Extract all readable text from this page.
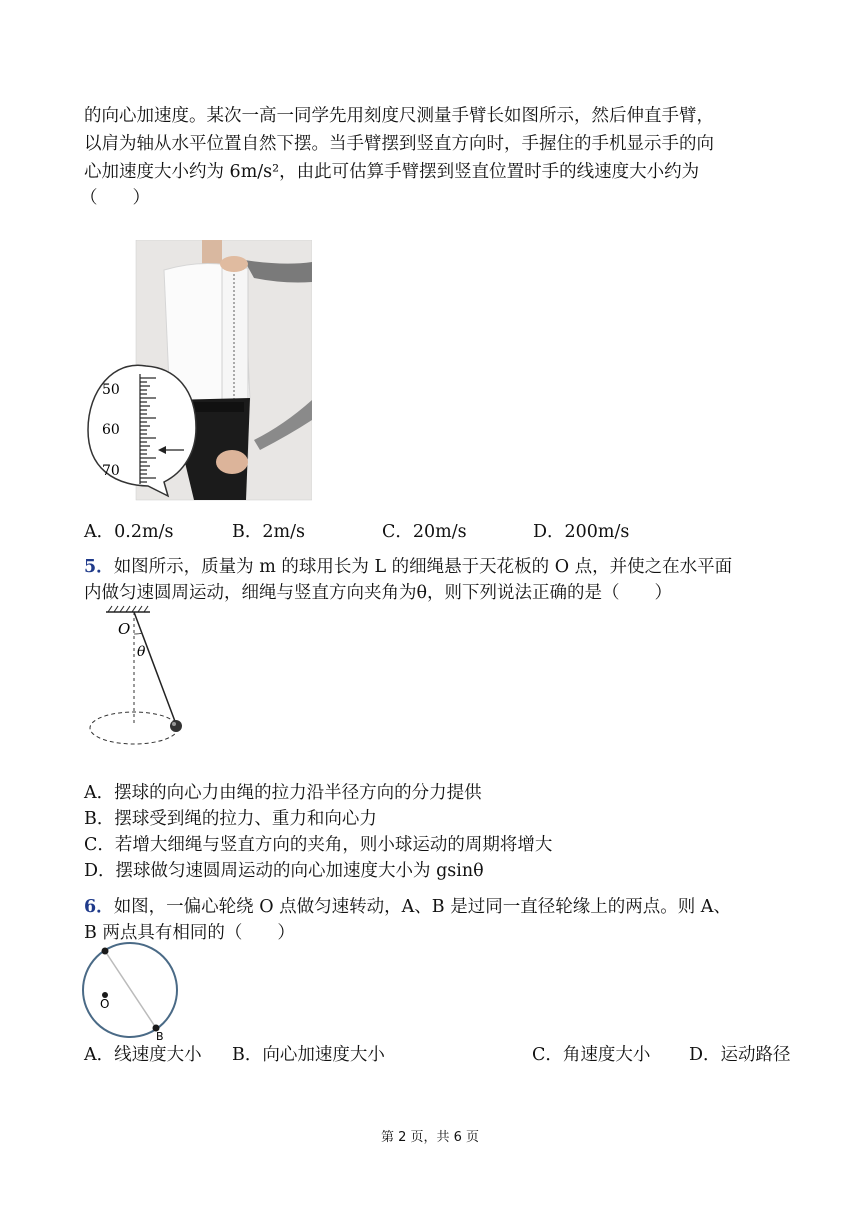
的向心加速度。某次一高一同学先用刻度尺测量手臂长如图所示，然后伸直手臂，
以肩为轴从水平位置自然下摆。当手臂摆到竖直方向时，手握住的手机显示手的向
心加速度大小约为 6m/s²，由此可估算手臂摆到竖直位置时手的线速度大小约为
（　　）
50
60
70
A．0.2m/s	B．2m/s	C．20m/s	D．200m/s
5．如图所示，质量为 m 的球用长为 L 的细绳悬于天花板的 O 点，并使之在水平面
内做匀速圆周运动，细绳与竖直方向夹角为θ，则下列说法正确的是（　　）
O
θ
A．摆球的向心力由绳的拉力沿半径方向的分力提供
B．摆球受到绳的拉力、重力和向心力
C．若增大细绳与竖直方向的夹角，则小球运动的周期将增大
D．摆球做匀速圆周运动的向心加速度大小为 gsinθ
6．如图，一偏心轮绕 O 点做匀速转动，A、B 是过同一直径轮缘上的两点。则 A、
B 两点具有相同的（　　）
O
B
A．线速度大小 B．向心加速度大小	C．角速度大小 D．运动路径
第 2 页，共 6 页
